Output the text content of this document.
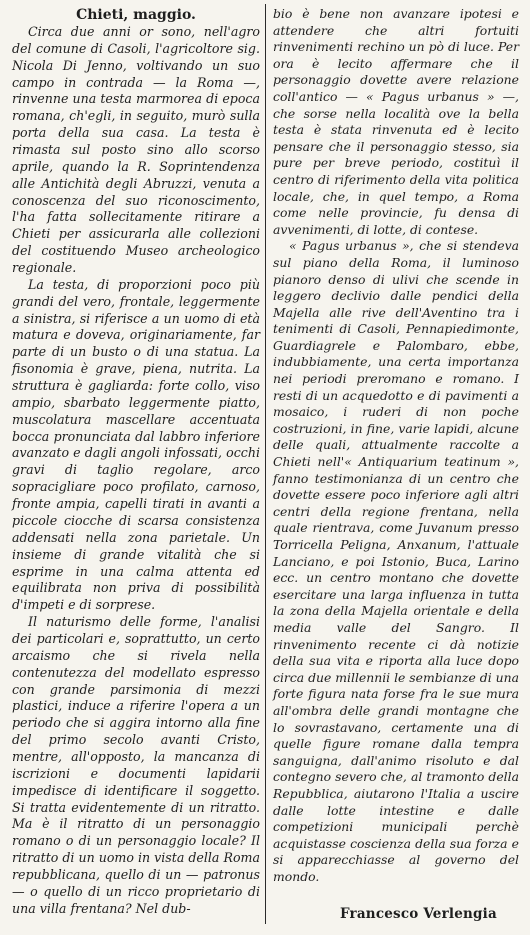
Chieti, maggio.

Circa due anni or sono, nell'agro del comune di Casoli, l'agricoltore sig. Nicola Di Jenno, voltivando un suo campo in contrada — la Roma —, rinvenne una testa marmorea di epoca romana, ch'egli, in seguito, murò sulla porta della sua casa. La testa è rimasta sul posto sino allo scorso aprile, quando la R. Soprintendenza alle Antichità degli Abruzzi, venuta a conoscenza del suo riconoscimento, l'ha fatta sollecitamente ritirare a Chieti per assicurarla alle collezioni del costituendo Museo archeologico regionale.

La testa, di proporzioni poco più grandi del vero, frontale, leggermente a sinistra, si riferisce a un uomo di età matura e doveva, originariamente, far parte di un busto o di una statua. La fisonomia è grave, piena, nutrita. La struttura è gagliarda: forte collo, viso ampio, sbarbato leggermente piatto, muscolatura mascellare accentuata bocca pronunciata dal labbro inferiore avanzato e dagli angoli infossati, occhi gravi di taglio regolare, arco sopracigliare poco profilato, carnoso, fronte ampia, capelli tirati in avanti a piccole ciocche di scarsa consistenza addensati nella zona parietale. Un insieme di grande vitalità che si esprime in una calma attenta ed equilibrata non priva di possibilità d'impeti e di sorprese.

Il naturismo delle forme, l'analisi dei particolari e, soprattutto, un certo arcaismo che si rivela nella contenutezza del modellato espresso con grande parsimonia di mezzi plastici, induce a riferire l'opera a un periodo che si aggira intorno alla fine del primo secolo avanti Cristo, mentre, all'opposto, la mancanza di iscrizioni e documenti lapidarii impedisce di identificare il soggetto. Si tratta evidentemente di un ritratto. Ma è il ritratto di un personaggio romano o di un personaggio locale? Il ritratto di un uomo in vista della Roma repubblicana, quello di un — patronus — o quello di un ricco proprietario di una villa frentana? Nel dub-

bio è bene non avanzare ipotesi e attendere che altri fortuiti rinvenimenti rechino un pò di luce. Per ora è lecito affermare che il personaggio dovette avere relazione coll'antico — « Pagus urbanus » —, che sorse nella località ove la bella testa è stata rinvenuta ed è lecito pensare che il personaggio stesso, sia pure per breve periodo, costituì il centro di riferimento della vita politica locale, che, in quel tempo, a Roma come nelle provincie, fu densa di avvenimenti, di lotte, di contese.

« Pagus urbanus », che si stendeva sul piano della Roma, il luminoso pianoro denso di ulivi che scende in leggero declivio dalle pendici della Majella alle rive dell'Aventino tra i tenimenti di Casoli, Pennapiedimonte, Guardiagrele e Palombaro, ebbe, indubbiamente, una certa importanza nei periodi preromano e romano. I resti di un acquedotto e di pavimenti a mosaico, i ruderi di non poche costruzioni, in fine, varie lapidi, alcune delle quali, attualmente raccolte a Chieti nell'« Antiquarium teatinum », fanno testimonianza di un centro che dovette essere poco inferiore agli altri centri della regione frentana, nella quale rientrava, come Juvanum presso Torricella Peligna, Anxanum, l'attuale Lanciano, e poi Istonio, Buca, Larino ecc. un centro montano che dovette esercitare una larga influenza in tutta la zona della Majella orientale e della media valle del Sangro. Il rinvenimento recente ci dà notizie della sua vita e riporta alla luce dopo circa due millennii le sembianze di una forte figura nata forse fra le sue mura all'ombra delle grandi montagne che lo sovrastavano, certamente una di quelle figure romane dalla tempra sanguigna, dall'animo risoluto e dal contegno severo che, al tramonto della Repubblica, aiutarono l'Italia a uscire dalle lotte intestine e dalle competizioni municipali perchè acquistasse coscienza della sua forza e si apparecchiasse al governo del mondo.

Francesco Verlengia
